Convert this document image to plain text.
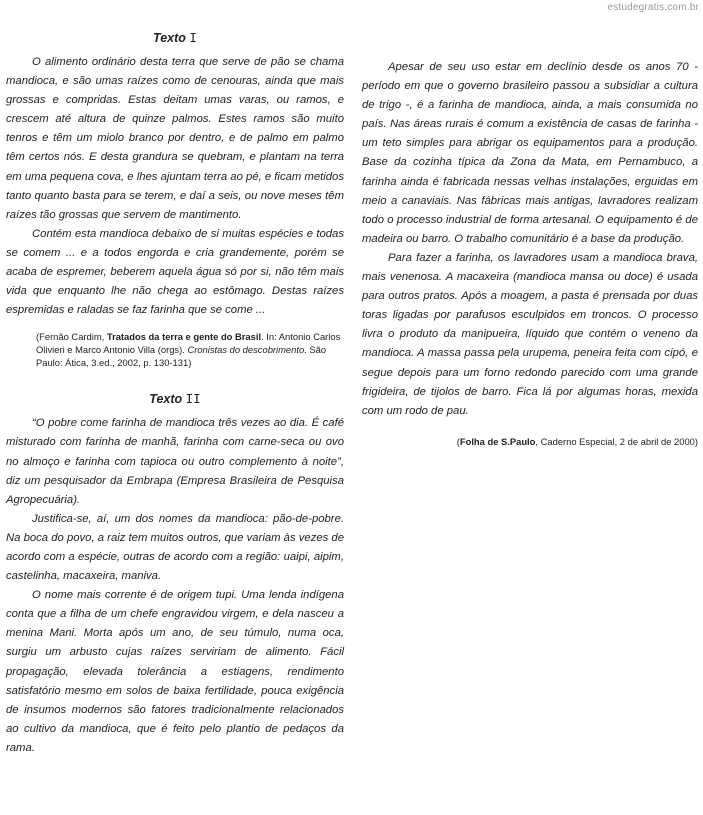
estudegratis.com.br
Texto I

O alimento ordinário desta terra que serve de pão se chama mandioca, e são umas raízes como de cenouras, ainda que mais grossas e compridas. Estas deitam umas varas, ou ramos, e crescem até altura de quinze palmos. Estes ramos são muito tenros e têm um miolo branco por dentro, e de palmo em palmo têm certos nós. E desta grandura se quebram, e plantam na terra em uma pequena cova, e lhes ajuntam terra ao pé, e ficam metidos tanto quanto basta para se terem, e daí a seis, ou nove meses têm raízes tão grossas que servem de mantimento.

Contém esta mandioca debaixo de si muitas espécies e todas se comem ... e a todos engorda e cria grandemente, porém se acaba de espremer, beberem aquela água só por si, não têm mais vida que enquanto lhe não chega ao estômago. Destas raízes espremidas e raladas se faz farinha que se come ...

(Fernão Cardim, Tratados da terra e gente do Brasil. In: Antonio Carlos Olivieri e Marco Antonio Villa (orgs). Cronistas do descobrimento. São Paulo: Ática, 3.ed., 2002, p. 130-131)
Texto II

“O pobre come farinha de mandioca três vezes ao dia. É café misturado com farinha de manhã, farinha com carne-seca ou ovo no almoço e farinha com tapioca ou outro complemento à noite”, diz um pesquisador da Embrapa (Empresa Brasileira de Pesquisa Agropecuária).

Justifica-se, aí, um dos nomes da mandioca: pão-de-pobre. Na boca do povo, a raiz tem muitos outros, que variam às vezes de acordo com a espécie, outras de acordo com a região: uaipi, aipim, castelinha, macaxeira, maniva.

O nome mais corrente é de origem tupi. Uma lenda indígena conta que a filha de um chefe engravidou virgem, e dela nasceu a menina Mani. Morta após um ano, de seu túmulo, numa oca, surgiu um arbusto cujas raízes serviriam de alimento. Fácil propagação, elevada tolerância a estiagens, rendimento satisfatório mesmo em solos de baixa fertilidade, pouca exigência de insumos modernos são fatores tradicionalmente relacionados ao cultivo da mandioca, que é feito pelo plantio de pedaços da rama.

Apesar de seu uso estar em declínio desde os anos 70 - período em que o governo brasileiro passou a subsidiar a cultura de trigo -, é a farinha de mandioca, ainda, a mais consumida no país. Nas áreas rurais é comum a existência de casas de farinha - um teto simples para abrigar os equipamentos para a produção. Base da cozinha típica da Zona da Mata, em Pernambuco, a farinha ainda é fabricada nessas velhas instalações, erguidas em meio a canaviais. Nas fábricas mais antigas, lavradores realizam todo o processo industrial de forma artesanal. O equipamento é de madeira ou barro. O trabalho comunitário é a base da produção.

Para fazer a farinha, os lavradores usam a mandioca brava, mais venenosa. A macaxeira (mandioca mansa ou doce) é usada para outros pratos. Após a moagem, a pasta é prensada por duas toras ligadas por parafusos esculpidos em troncos. O processo livra o produto da manipueira, líquido que contém o veneno da mandioca. A massa passa pela urupema, peneira feita com cipó, e segue depois para um forno redondo parecido com uma grande frigideira, de tijolos de barro. Fica lá por algumas horas, mexida com um rodo de pau.

(Folha de S.Paulo, Caderno Especial, 2 de abril de 2000)
